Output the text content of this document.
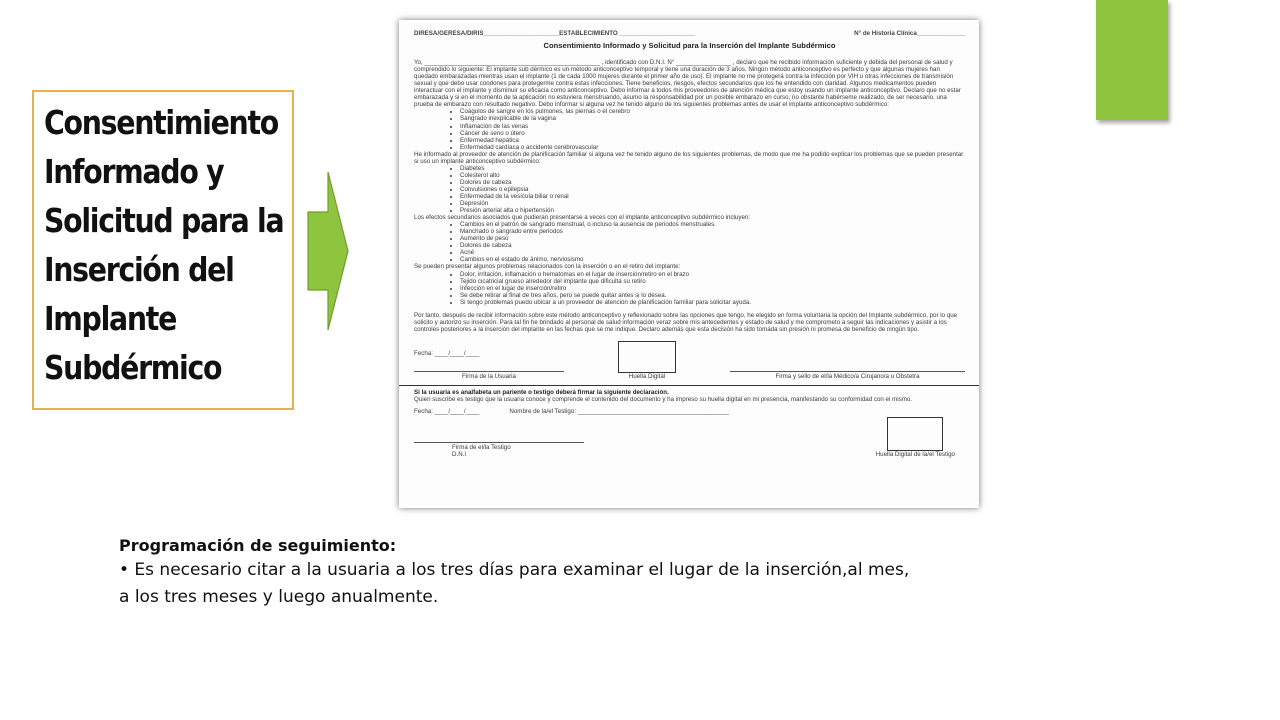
Consentimiento Informado y Solicitud para la Inserción del Implante Subdérmico
DIRESA/GERESA/DIRIS______________________ESTABLECIMIENTO ______________________	N° de Historia Clínica______________
Consentimiento Informado y Solicitud para la Inserción del Implante Subdérmico

Yo, ___________________________________________________ , identificado con D.N.I. N° ________________ , declaro que he recibido información suficiente y debida del personal de salud y comprendido lo siguiente: El implante sub dérmico es un método anticonceptivo temporal y tiene una duración de 3 años. Ningún método anticonceptivo es perfecto y que algunas mujeres han quedado embarazadas mientras usan el implante (1 de cada 1000 mujeres durante el primer año de uso). El implante no me protegerá contra la infección por VIH u otras infecciones de transmisión sexual y que debo usar condones para protegerme contra estas infecciones. Tiene beneficios, riesgos, efectos secundarios que los he entendido con claridad. Algunos medicamentos pueden interactuar con el implante y disminuir su eficacia como anticonceptivo. Debo informar a todos mis proveedores de atención médica que estoy usando un implante anticonceptivo. Declaro que no estar embarazada y si en el momento de la aplicación no estuviera menstruando, asumo la responsabilidad por un posible embarazo en curso, no obstante habérseme realizado, de ser necesario, una prueba de embarazo con resultado negativo. Debo informar si alguna vez he tenido alguno de los siguientes problemas antes de usar el implante anticonceptivo subdérmico:

• Coágulos de sangre en los pulmones, las piernas o el cerebro
• Sangrado inexplicable de la vagina
• Inflamación de las venas
• Cáncer de seno o útero
• Enfermedad hepática
• Enfermedad cardíaca o accidente cerebrovascular

He informado al proveedor de atención de planificación familiar si alguna vez he tenido alguno de los siguientes problemas, de modo que me ha podido explicar los problemas que se pueden presentar si uso un implante anticonceptivo subdérmico:

• Diabetes
• Colesterol alto
• Dolores de cabeza
• Convulsiones o epilepsia
• Enfermedad de la vesícula biliar o renal
• Depresión
• Presión arterial alta o hipertensión

Los efectos secundarios asociados que pudieran presentarse a veces con el implante anticonceptivo subdérmico incluyen:

• Cambios en el patrón de sangrado menstrual, o incluso la ausencia de periodos menstruales.
• Manchado o sangrado entre periodos
• Aumento de peso
• Dolores de cabeza
• Acné
• Cambios en el estado de ánimo, nerviosismo

Se pueden presentar algunos problemas relacionados con la inserción o en el retiro del implante:

• Dolor, irritación, inflamación o hematomas en el lugar de inserción/retiro en el brazo
• Tejido cicatricial grueso alrededor del implante que dificulta su retiro
• Infección en el lugar de inserción/retiro
• Se debe retirar al final de tres años, pero se puede quitar antes si lo desea.
• Si tengo problemas puedo ubicar a un proveedor de atención de planificación familiar para solicitar ayuda.

Por tanto, después de recibir información sobre este método anticonceptivo y reflexionado sobre las opciones que tengo, he elegido en forma voluntaria la opción del Implante subdérmico, por lo que solicito y autorizo su inserción. Para tal fin he brindado al personal de salud información veraz sobre mis antecedentes y estado de salud y me comprometo a seguir las indicaciones y asistir a los controles posteriores a la inserción del implante en las fechas que se me indique. Declaro además que esta decisión ha sido tomada sin presión ni promesa de beneficio de ningún tipo.

Fecha: ____/____/____
Firma de la Usuaria	Huella Digital	Firma y sello de el/la Médico/a Cirujano/a u Obstetra

Si la usuaria es analfabeta un pariente o testigo deberá firmar la siguiente declaración.

Quien suscribe es testigo que la usuaria conoce y comprende el contenido del documento y ha impreso su huella digital en mi presencia, manifestando su conformidad con el mismo.

Fecha: ____/____/____	Nombre de la/el Testigo: ____________________________________________
Firma de el/la Testigo
D.N.I	Huella Digital de la/el Testigo
Programación de seguimiento:
• Es necesario citar a la usuaria a los tres días para examinar el lugar de la inserción,al mes,
a los tres meses y luego anualmente.
